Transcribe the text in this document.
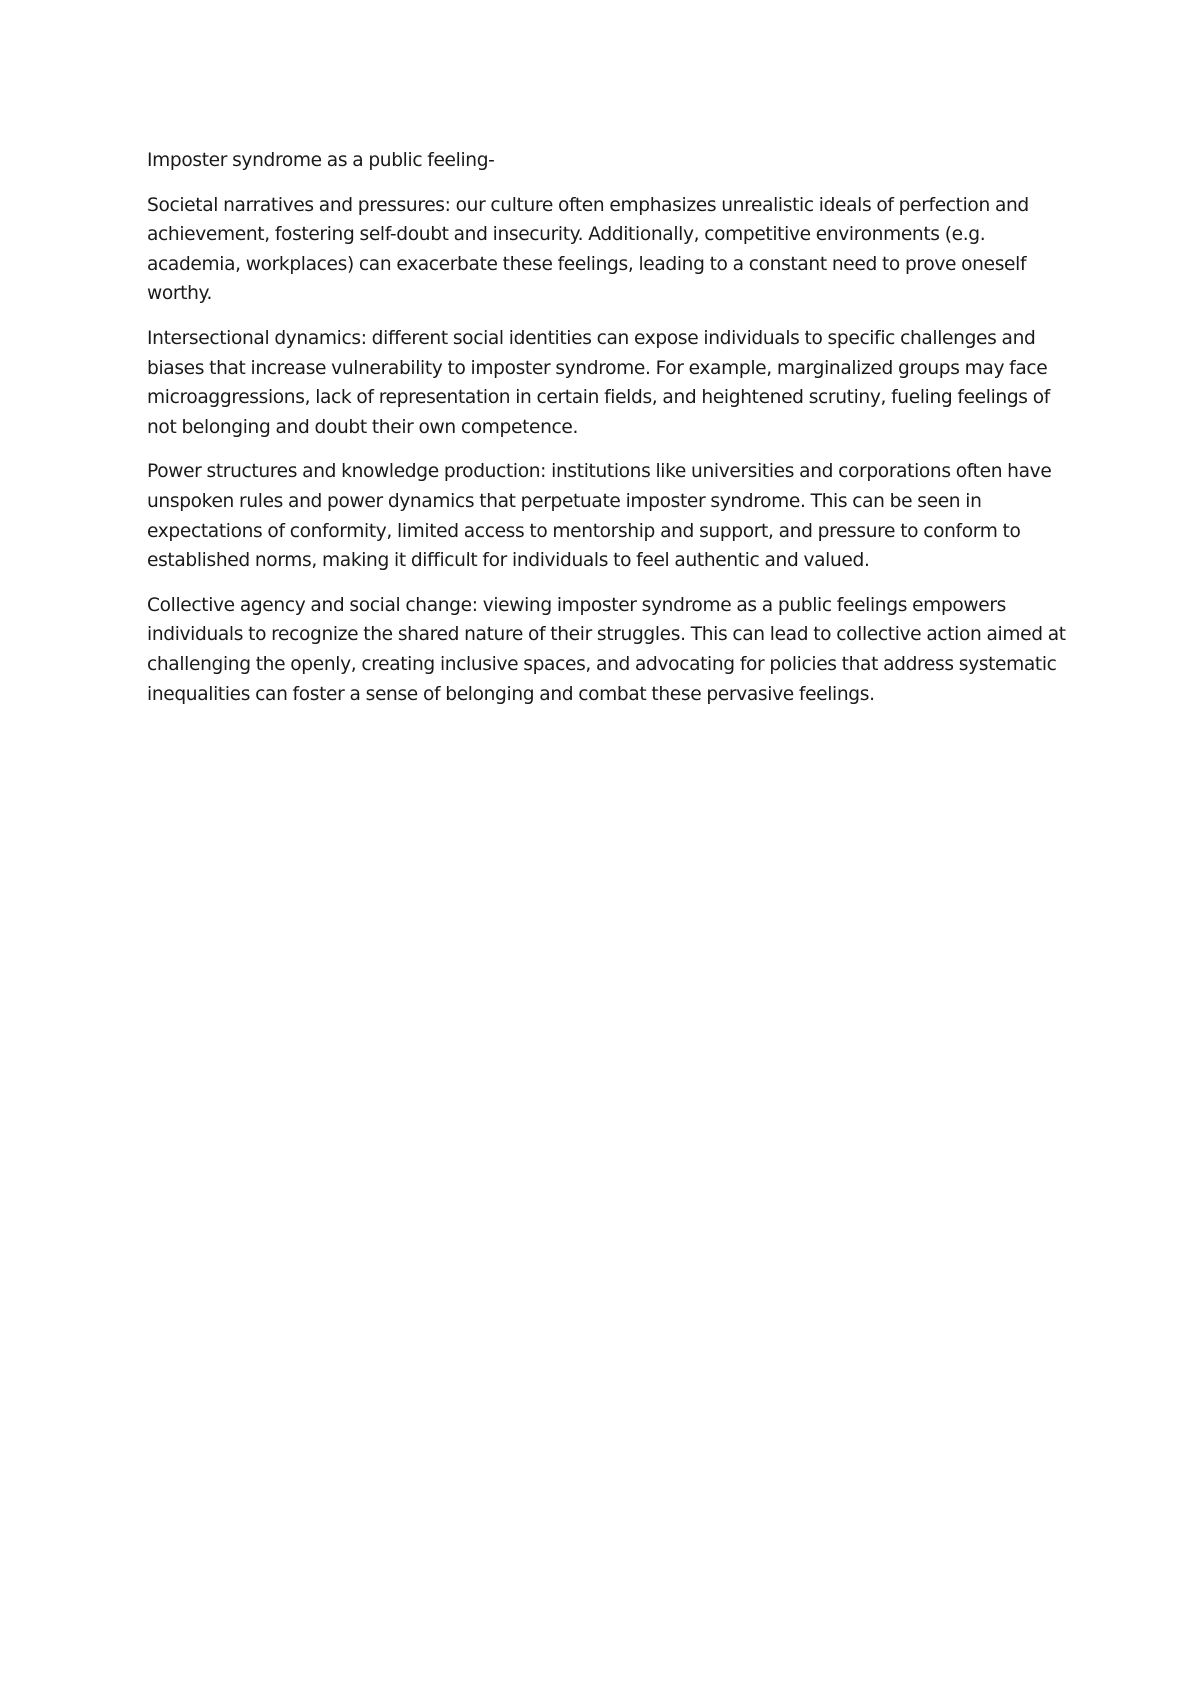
Imposter syndrome as a public feeling-

Societal narratives and pressures: our culture often emphasizes unrealistic ideals of perfection and achievement, fostering self-doubt and insecurity. Additionally, competitive environments (e.g. academia, workplaces) can exacerbate these feelings, leading to a constant need to prove oneself worthy.

Intersectional dynamics: different social identities can expose individuals to specific challenges and biases that increase vulnerability to imposter syndrome. For example, marginalized groups may face microaggressions, lack of representation in certain fields, and heightened scrutiny, fueling feelings of not belonging and doubt their own competence.

Power structures and knowledge production: institutions like universities and corporations often have unspoken rules and power dynamics that perpetuate imposter syndrome. This can be seen in expectations of conformity, limited access to mentorship and support, and pressure to conform to established norms, making it difficult for individuals to feel authentic and valued.

Collective agency and social change: viewing imposter syndrome as a public feelings empowers individuals to recognize the shared nature of their struggles. This can lead to collective action aimed at challenging the openly, creating inclusive spaces, and advocating for policies that address systematic inequalities can foster a sense of belonging and combat these pervasive feelings.
